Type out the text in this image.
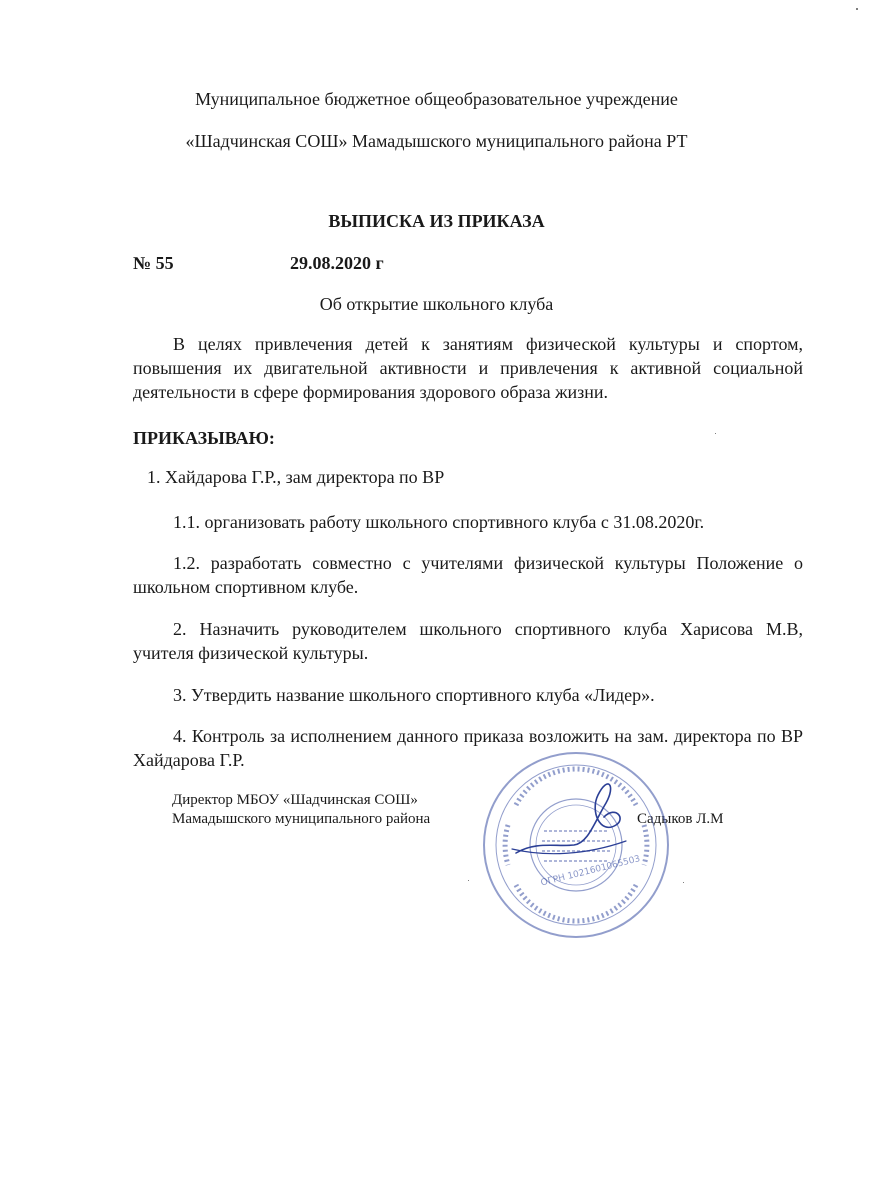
Муниципальное бюджетное общеобразовательное учреждение
«Шадчинская СОШ» Мамадышского муниципального района РТ
ВЫПИСКА ИЗ ПРИКАЗА
№ 55	29.08.2020 г
Об открытие школьного клуба
В целях привлечения детей к занятиям физической культуры и спортом, повышения их двигательной активности и привлечения к активной социальной деятельности в сфере формирования здорового образа жизни.
ПРИКАЗЫВАЮ:
1. Хайдарова Г.Р., зам директора по ВР
1.1. организовать работу школьного спортивного клуба с 31.08.2020г.
1.2. разработать совместно с учителями физической культуры Положение о школьном спортивном клубе.
2. Назначить руководителем школьного спортивного клуба Харисова М.В, учителя физической культуры.
3. Утвердить название школьного спортивного клуба «Лидер».
4. Контроль за исполнением данного приказа возложить на зам. директора по ВР Хайдарова Г.Р.
Директор МБОУ «Шадчинская СОШ»
Мамадышского муниципального района	Садыков Л.М
ОГРН 1021601065503
